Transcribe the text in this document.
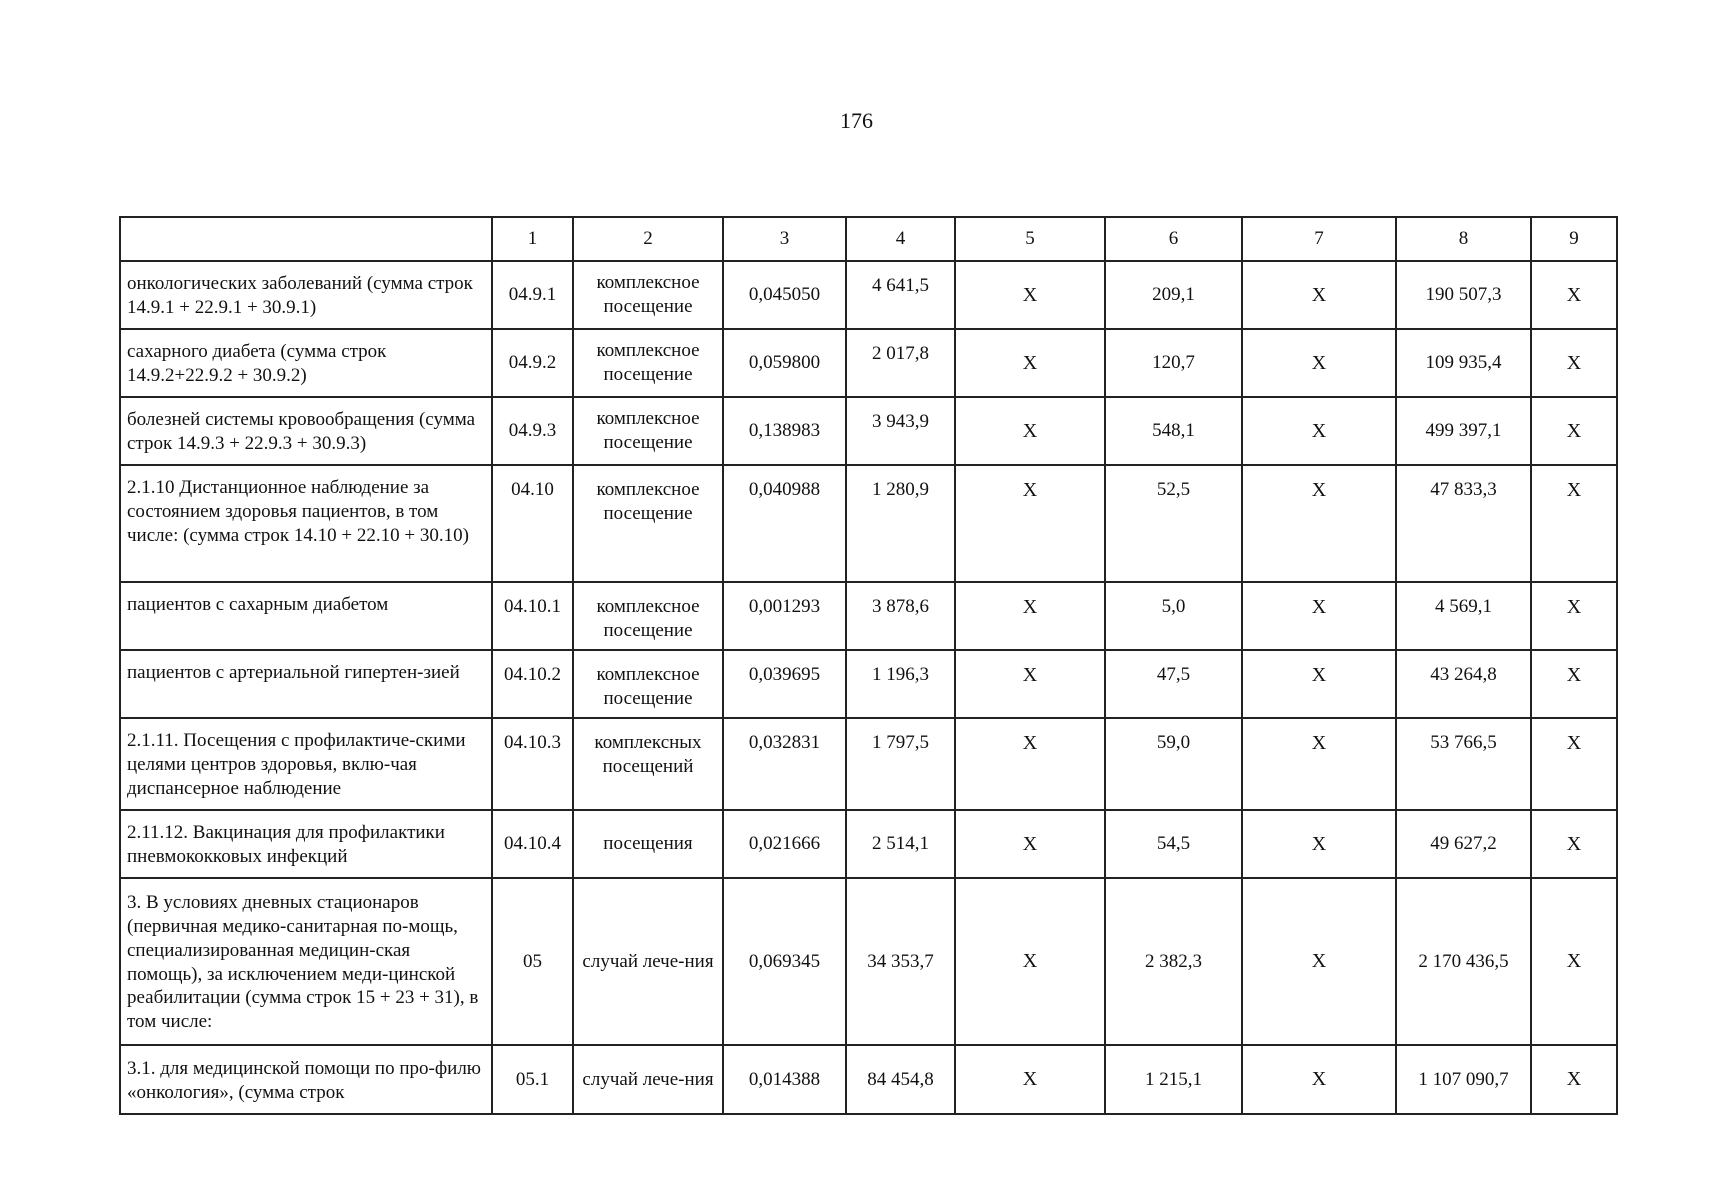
176
	1	2	3	4	5	6	7	8	9
онкологических заболеваний (сумма строк 14.9.1 + 22.9.1 + 30.9.1)	04.9.1	комплексное посещение	0,045050	4 641,5	X	209,1	X	190 507,3	X
сахарного диабета (сумма строк 14.9.2+22.9.2 + 30.9.2)	04.9.2	комплексное посещение	0,059800	2 017,8	X	120,7	X	109 935,4	X
болезней системы кровообращения (сумма строк 14.9.3 + 22.9.3 + 30.9.3)	04.9.3	комплексное посещение	0,138983	3 943,9	X	548,1	X	499 397,1	X
2.1.10 Дистанционное наблюдение за состоянием здоровья пациентов, в том числе: (сумма строк 14.10 + 22.10 + 30.10)	04.10	комплексное посещение	0,040988	1 280,9	X	52,5	X	47 833,3	X
пациентов с сахарным диабетом	04.10.1	комплексное посещение	0,001293	3 878,6	X	5,0	X	4 569,1	X
пациентов с артериальной гипертен-зией	04.10.2	комплексное посещение	0,039695	1 196,3	X	47,5	X	43 264,8	X
2.1.11. Посещения с профилактиче-скими целями центров здоровья, вклю-чая диспансерное наблюдение	04.10.3	комплексных посещений	0,032831	1 797,5	X	59,0	X	53 766,5	X
2.11.12. Вакцинация для профилактики пневмококковых инфекций	04.10.4	посещения	0,021666	2 514,1	X	54,5	X	49 627,2	X
3. В условиях дневных стационаров (первичная медико-санитарная по-мощь, специализированная медицин-ская помощь), за исключением меди-цинской реабилитации (сумма строк 15 + 23 + 31), в том числе:	05	случай лече-ния	0,069345	34 353,7	X	2 382,3	X	2 170 436,5	X
3.1. для медицинской помощи по про-филю «онкология», (сумма строк	05.1	случай лече-ния	0,014388	84 454,8	X	1 215,1	X	1 107 090,7	X
